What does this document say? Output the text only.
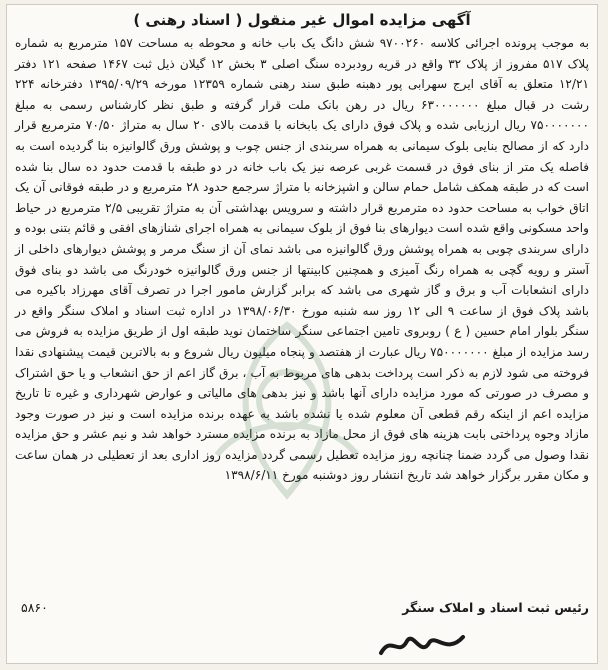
آگهی مزایده اموال غیر منقول ( اسناد رهنی )
به موجب پرونده اجرائی کلاسه ۹۷۰۰۲۶۰ شش دانگ یک باب خانه و محوطه به مساحت ۱۵۷ مترمربع به شماره پلاک ۵۱۷ مفروز از پلاک ۳۲ واقع در قریه رودبرده سنگ اصلی ۳ بخش ۱۲ گیلان ذیل ثبت ۱۴۶۷ صفحه ۱۲۱ دفتر ۱۲/۲۱ متعلق به آقای ایرج سهرابی پور دهبنه طبق سند رهنی شماره ۱۲۳۵۹ مورخه ۱۳۹۵/۰۹/۲۹ دفترخانه ۲۲۴ رشت در قبال مبلغ ۶۳۰۰۰۰۰۰۰ ریال در رهن بانک ملت قرار گرفته و طبق نظر کارشناس رسمی به مبلغ ۷۵۰۰۰۰۰۰۰ ریال ارزیابی شده و پلاک فوق دارای یک بابخانه با قدمت بالای ۲۰ سال به متراژ ۷۰/۵۰ مترمربع قرار دارد که از مصالح بنایی بلوک سیمانی به همراه سربندی از جنس چوب و پوشش ورق گالوانیزه بنا گردیده است به فاصله یک متر از بنای فوق در قسمت غربی عرصه نیز یک باب خانه در دو طبقه با قدمت حدود ده سال بنا شده است که در طبقه همکف شامل حمام سالن و اشپزخانه با متراژ سرجمع حدود ۲۸ مترمربع و در طبقه فوقانی آن یک اتاق خواب به مساحت حدود ده مترمربع قرار داشته و سرویس بهداشتی آن به متراژ تقریبی ۲/۵ مترمربع در حیاط واحد مسکونی واقع شده است دیوارهای بنا فوق از بلوک سیمانی به همراه اجرای شنازهای افقی و قائم بتنی بوده و دارای سربندی چوبی به همراه پوشش ورق گالوانیزه می باشد نمای آن از سنگ مرمر و پوشش دیوارهای داخلی از آستر و رویه گچی به همراه رنگ آمیزی و همچنین کابینتها از جنس ورق گالوانیزه خودرنگ می باشد دو بنای فوق دارای انشعابات آب و برق و گاز شهری می باشد که برابر گزارش مامور اجرا در تصرف آقای مهرزاد باکیره می باشد پلاک فوق از ساعت ۹ الی ۱۲ روز سه شنبه مورخ ۱۳۹۸/۰۶/۳۰ در اداره ثبت اسناد و املاک سنگر واقع در سنگر بلوار امام حسین ( ع ) روبروی تامین اجتماعی سنگر ساختمان نوید طبقه اول از طریق مزایده به فروش می رسد مزایده از مبلغ ۷۵۰۰۰۰۰۰۰ ریال عبارت از هفتصد و پنجاه میلیون ریال شروع و به بالاترین قیمت پیشنهادی نقدا فروخته می شود لازم به ذکر است پرداخت بدهی های مربوط به آب ، برق گاز اعم از حق انشعاب و یا حق اشتراک و مصرف در صورتی که مورد مزایده دارای آنها باشد و نیز بدهی های مالیاتی و عوارض شهرداری و غیره تا تاریخ مزایده اعم از اینکه رقم قطعی آن معلوم شده یا نشده باشد به عهده برنده مزایده است و نیز در صورت وجود مازاد وجوه پرداختی بابت هزینه های فوق از محل مازاد به برنده مزایده مسترد خواهد شد و نیم عشر و حق مزایده نقدا وصول می گردد ضمنا چنانچه روز مزایده تعطیل رسمی گردد مزایده روز اداری بعد از تعطیلی در همان ساعت و مکان مقرر برگزار خواهد شد تاریخ انتشار روز دوشنبه مورخ ۱۳۹۸/۶/۱۱
رئیس ثبت اسناد و املاک سنگر
۵۸۶۰
